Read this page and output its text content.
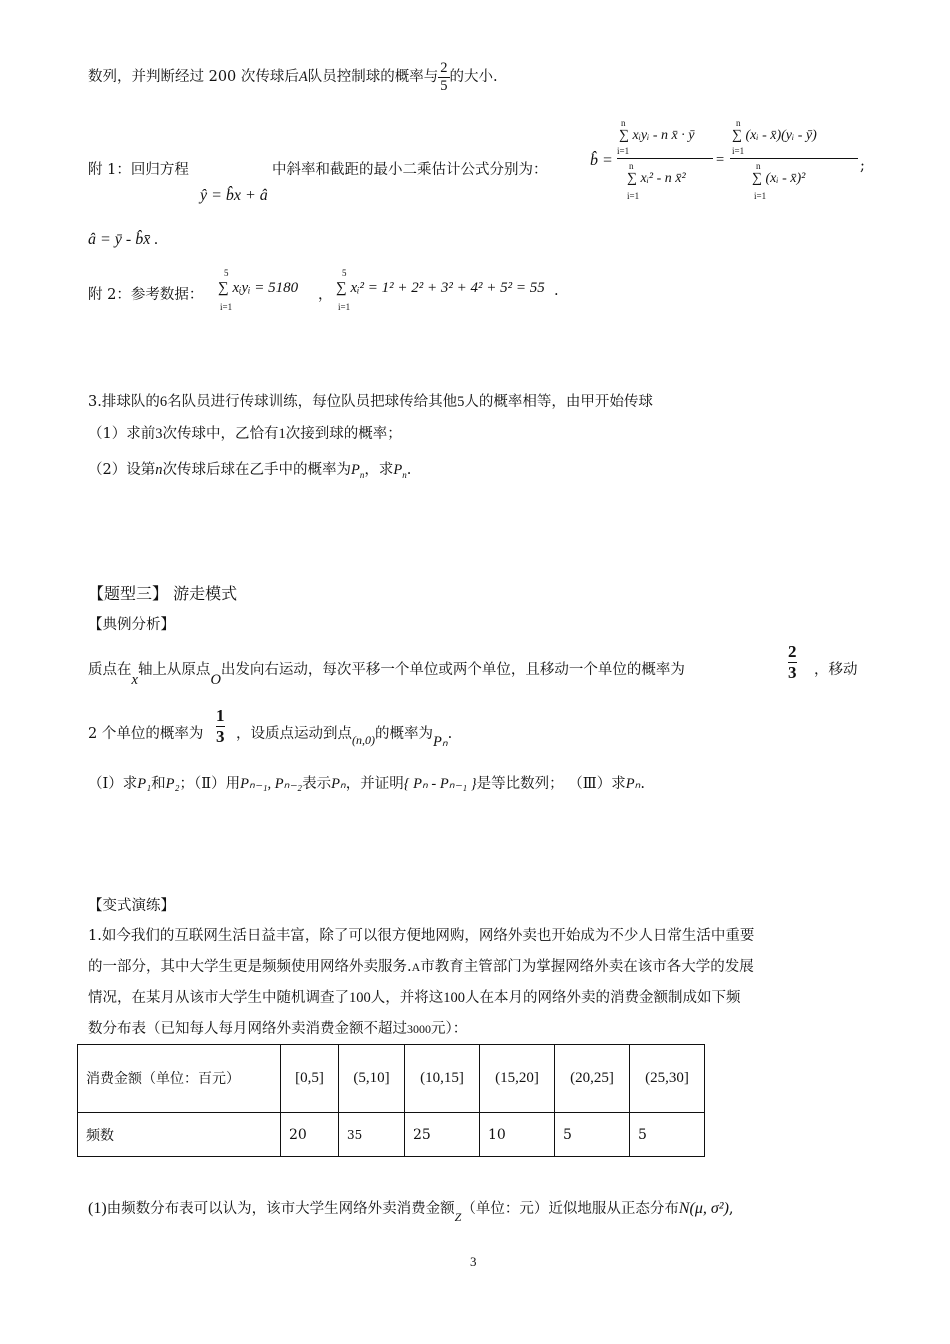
数列，并判断经过 200 次传球后A队员控制球的概率与 $\frac{2}{5}$ 的大小.
附 1：回归方程	中斜率和截距的最小二乘估计公式分别为：
ŷ = b̂x + â
b̂ =
n
∑ xᵢyᵢ - n x̄ · ȳ
i=1
n
∑ xᵢ² - n x̄²
i=1
= n
∑ (xᵢ - x̄)(yᵢ - ȳ)
i=1
n
∑ (xᵢ - x̄)²
i=1 ;
â = ȳ - b̂x̄ .
附 2：参考数据：
5
∑ xᵢyᵢ = 5180
i=1
，
5
∑ xᵢ² = 1² + 2² + 3² + 4² + 5² = 55
i=1
.
3.排球队的6名队员进行传球训练，每位队员把球传给其他5人的概率相等，由甲开始传球
（1）求前3次传球中，乙恰有1次接到球的概率；
（2）设第n次传球后球在乙手中的概率为$P_n$，求$P_n$.
【题型三】 游走模式
【典例分析】
质点在x轴上从原点O出发向右运动，每次平移一个单位或两个单位，且移动一个单位的概率为
2
3 ，移动
2 个单位的概率为
1
3 ，设质点运动到点$_{(n,0)}$的概率为Pₙ.
（Ⅰ）求P₁和P₂；（Ⅱ）用Pₙ₋₁, Pₙ₋₂表示Pₙ，并证明{ Pₙ - Pₙ₋₁ }是等比数列； （Ⅲ）求Pₙ.
【变式演练】
1.如今我们的互联网生活日益丰富，除了可以很方便地网购，网络外卖也开始成为不少人日常生活中重要
的一部分，其中大学生更是频频使用网络外卖服务.A市教育主管部门为掌握网络外卖在该市各大学的发展
情况，在某月从该市大学生中随机调查了100人，并将这100人在本月的网络外卖的消费金额制成如下频
数分布表（已知每人每月网络外卖消费金额不超过3000元）：
消费金额（单位：百元）	[0,5]	(5,10]	(10,15]	(15,20]	(20,25]	(25,30]
频数	20	35	25	10	5	5
(1)由频数分布表可以认为，该市大学生网络外卖消费金额$_Z$（单位：元）近似地服从正态分布N(μ, σ²),
3
